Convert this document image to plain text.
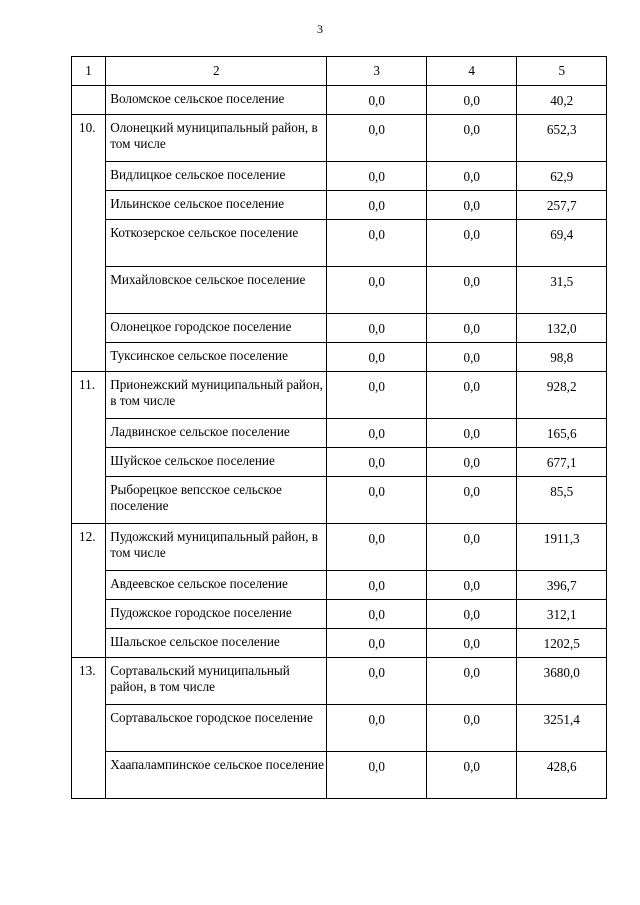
3
1	2	3	4	5
	Воломское сельское поселение	0,0	0,0	40,2
10.	Олонецкий муниципальный район, в том числе	0,0	0,0	652,3
	Видлицкое сельское поселение	0,0	0,0	62,9
	Ильинское сельское поселение	0,0	0,0	257,7
	Коткозерское сельское поселение	0,0	0,0	69,4
	Михайловское сельское поселение	0,0	0,0	31,5
	Олонецкое городское поселение	0,0	0,0	132,0
	Туксинское сельское поселение	0,0	0,0	98,8
11.	Прионежский муниципальный район, в том числе	0,0	0,0	928,2
	Ладвинское сельское поселение	0,0	0,0	165,6
	Шуйское сельское поселение	0,0	0,0	677,1
	Рыборецкое вепсское сельское поселение	0,0	0,0	85,5
12.	Пудожский муниципальный район, в том числе	0,0	0,0	1911,3
	Авдеевское сельское поселение	0,0	0,0	396,7
	Пудожское городское поселение	0,0	0,0	312,1
	Шальское сельское поселение	0,0	0,0	1202,5
13.	Сортавальский муниципальный район, в том числе	0,0	0,0	3680,0
	Сортавальское городское поселение	0,0	0,0	3251,4
	Хаапалампинское сельское поселение	0,0	0,0	428,6
